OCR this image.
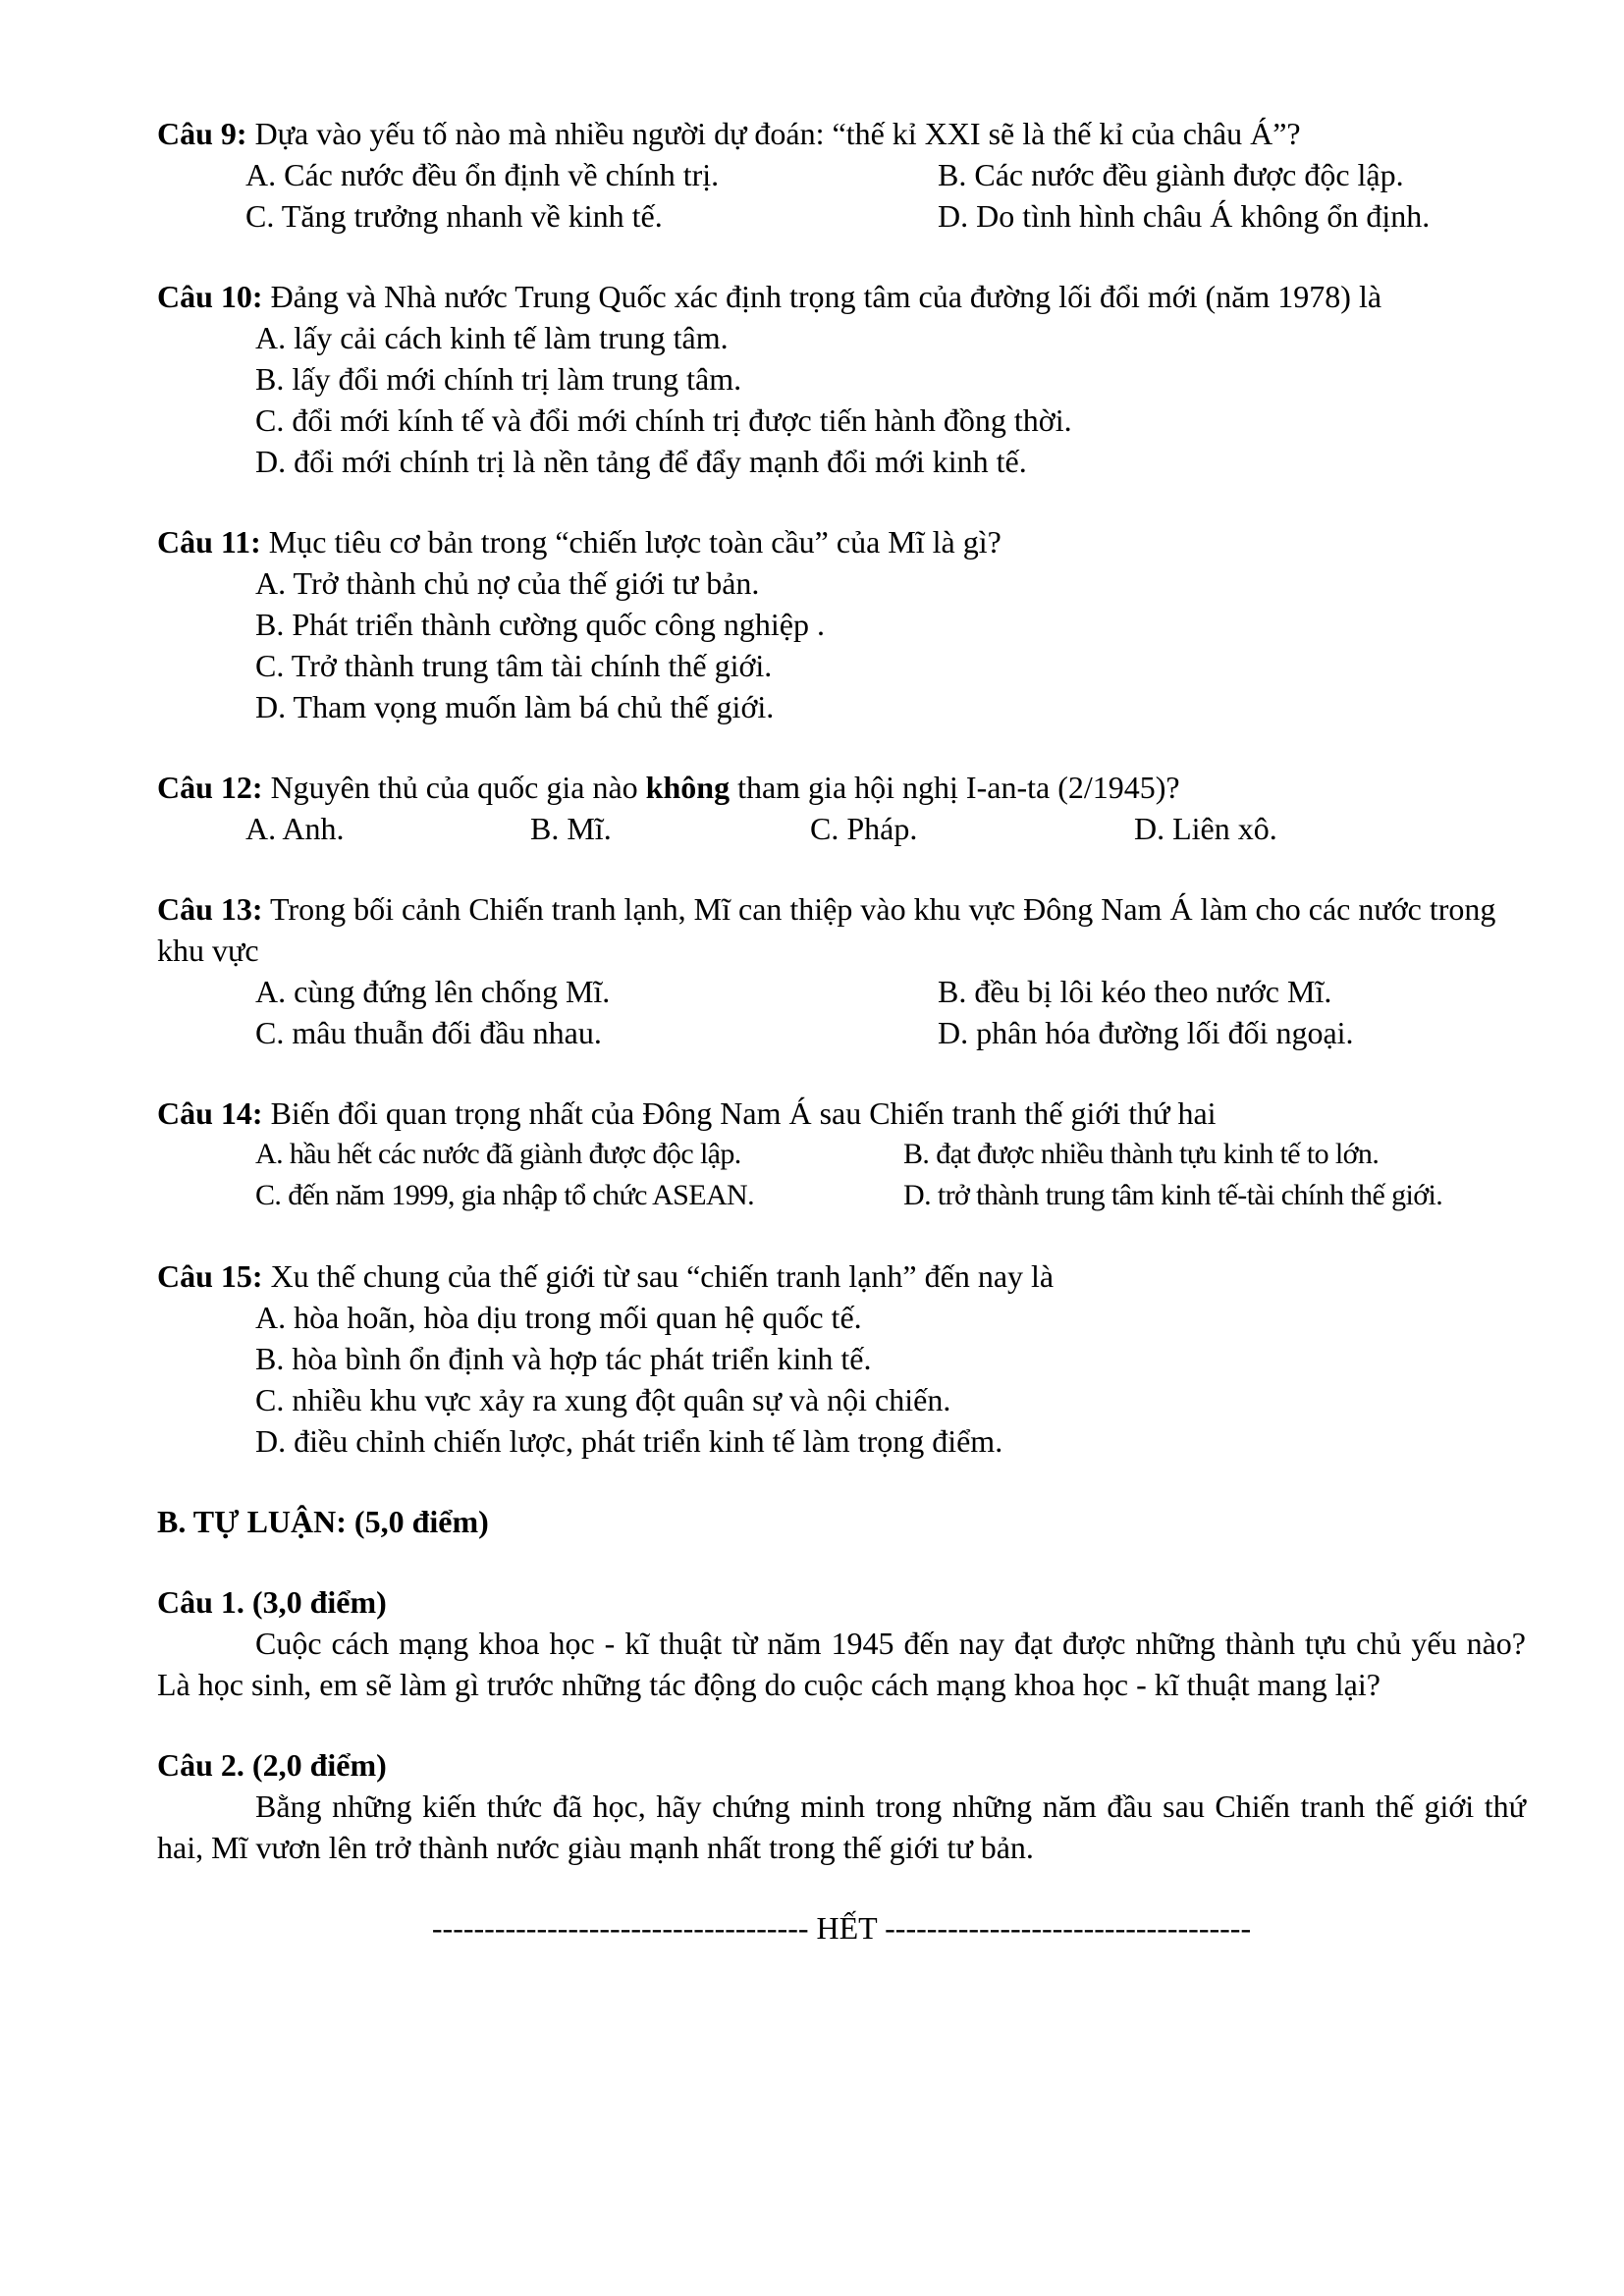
Câu 9: Dựa vào yếu tố nào mà nhiều người dự đoán: “thế kỉ XXI sẽ là thế kỉ của châu Á”?

A. Các nước đều ổn định về chính trị.	B. Các nước đều giành được độc lập.
C. Tăng trưởng nhanh về kinh tế.	D. Do tình hình châu Á không ổn định.

Câu 10: Đảng và Nhà nước Trung Quốc xác định trọng tâm của đường lối đổi mới (năm 1978) là

A. lấy cải cách kinh tế làm trung tâm.
B. lấy đổi mới chính trị làm trung tâm.
C. đổi mới kính tế và đổi mới chính trị được tiến hành đồng thời.
D. đổi mới chính trị là nền tảng để đẩy mạnh đổi mới kinh tế.

Câu 11: Mục tiêu cơ bản trong “chiến lược toàn cầu” của Mĩ là gì?

A. Trở thành chủ nợ của thế giới tư bản.
B. Phát triển thành cường quốc công nghiệp .
C. Trở thành trung tâm tài chính thế giới.
D. Tham vọng muốn làm bá chủ thế giới.

Câu 12: Nguyên thủ của quốc gia nào không tham gia hội nghị I-an-ta (2/1945)?

A. Anh.	B. Mĩ.	C. Pháp.	D. Liên xô.

Câu 13: Trong bối cảnh Chiến tranh lạnh, Mĩ can thiệp vào khu vực Đông Nam Á làm cho các nước trong khu vực

A. cùng đứng lên chống Mĩ.	B. đều bị lôi kéo theo nước Mĩ.
C. mâu thuẫn đối đầu nhau.	D. phân hóa đường lối đối ngoại.

Câu 14: Biến đổi quan trọng nhất của Đông Nam Á sau Chiến tranh thế giới thứ hai

A. hầu hết các nước đã giành được độc lập.	B. đạt được nhiều thành tựu kinh tế to lớn.
C. đến năm 1999, gia nhập tổ chức ASEAN.	D. trở thành trung tâm kinh tế-tài chính thế giới.

Câu 15: Xu thế chung của thế giới từ sau “chiến tranh lạnh” đến nay là

A. hòa hoãn, hòa dịu trong mối quan hệ quốc tế.
B. hòa bình ổn định và hợp tác phát triển kinh tế.
C. nhiều khu vực xảy ra xung đột quân sự và nội chiến.
D. điều chỉnh chiến lược, phát triển kinh tế làm trọng điểm.
B. TỰ LUẬN: (5,0 điểm)
Câu 1. (3,0 điểm)

Cuộc cách mạng khoa học - kĩ thuật từ năm 1945 đến nay đạt được những thành tựu chủ yếu nào? Là học sinh, em sẽ làm gì trước những tác động do cuộc cách mạng khoa học - kĩ thuật mang lại?

Câu 2. (2,0 điểm)

Bằng những kiến thức đã học, hãy chứng minh trong những năm đầu sau Chiến tranh thế giới thứ hai, Mĩ vươn lên trở thành nước giàu mạnh nhất trong thế giới tư bản.

------------------------------------ HẾT -----------------------------------
